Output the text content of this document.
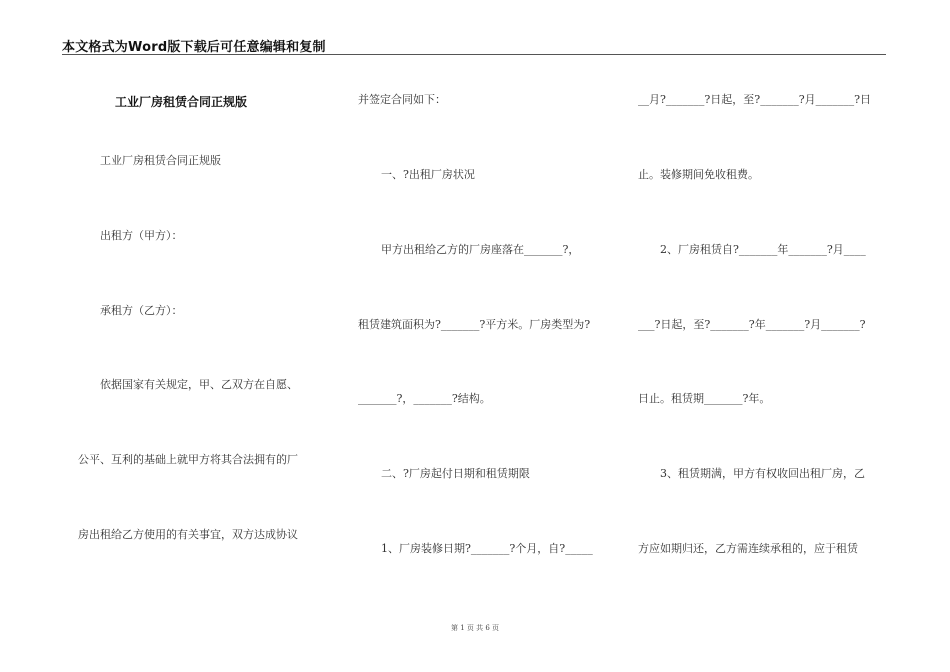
本文格式为Word版下载后可任意编辑和复制
工业厂房租赁合同正规版

工业厂房租赁合同正规版

出租方（甲方）：

承租方（乙方）：

依据国家有关规定，甲、乙双方在自愿、

公平、互利的基础上就甲方将其合法拥有的厂

房出租给乙方使用的有关事宜，双方达成协议

并签定合同如下：

一、?出租厂房状况

甲方出租给乙方的厂房座落在_______?，

租赁建筑面积为?_______?平方米。厂房类型为?

_______?，_______?结构。

二、?厂房起付日期和租赁期限

1、厂房装修日期?_______?个月，自?_____

__月?_______?日起，至?_______?月_______?日

止。装修期间免收租费。

2、厂房租赁自?_______年_______?月____

___?日起，至?_______?年_______?月_______?

日止。租赁期_______?年。

3、租赁期满，甲方有权收回出租厂房，乙

方应如期归还，乙方需连续承租的，应于租赁

第 1 页 共 6 页
